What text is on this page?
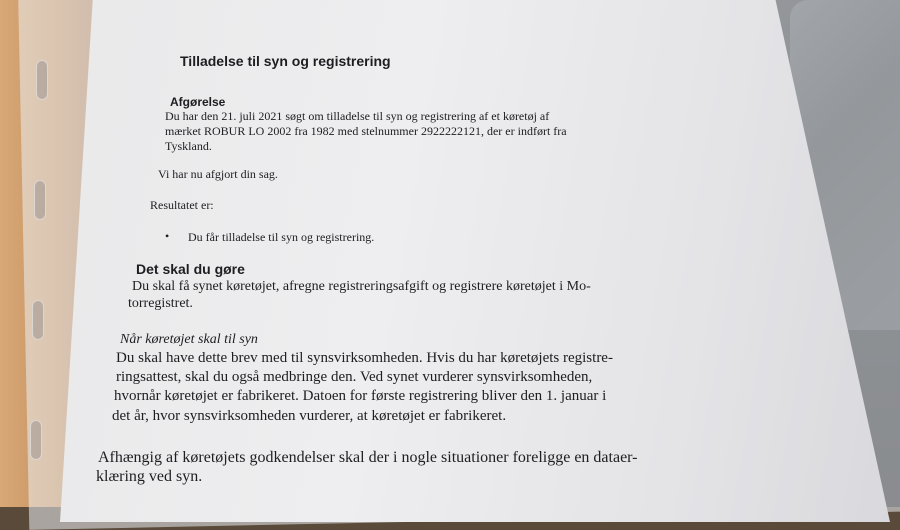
Tilladelse til syn og registrering
Afgørelse
Du har den 21. juli 2021 søgt om tilladelse til syn og registrering af et køretøj af
mærket ROBUR LO 2002 fra 1982 med stelnummer 2922222121, der er indført fra
Tyskland.
Vi har nu afgjort din sag.
Resultatet er:
• Du får tilladelse til syn og registrering.
Det skal du gøre
Du skal få synet køretøjet, afregne registreringsafgift og registrere køretøjet i Mo-
torregistret.
Når køretøjet skal til syn
Du skal have dette brev med til synsvirksomheden. Hvis du har køretøjets registre-
ringsattest, skal du også medbringe den. Ved synet vurderer synsvirksomheden,
hvornår køretøjet er fabrikeret. Datoen for første registrering bliver den 1. januar i
det år, hvor synsvirksomheden vurderer, at køretøjet er fabrikeret.
Afhængig af køretøjets godkendelser skal der i nogle situationer foreligge en dataer-
klæring ved syn.
